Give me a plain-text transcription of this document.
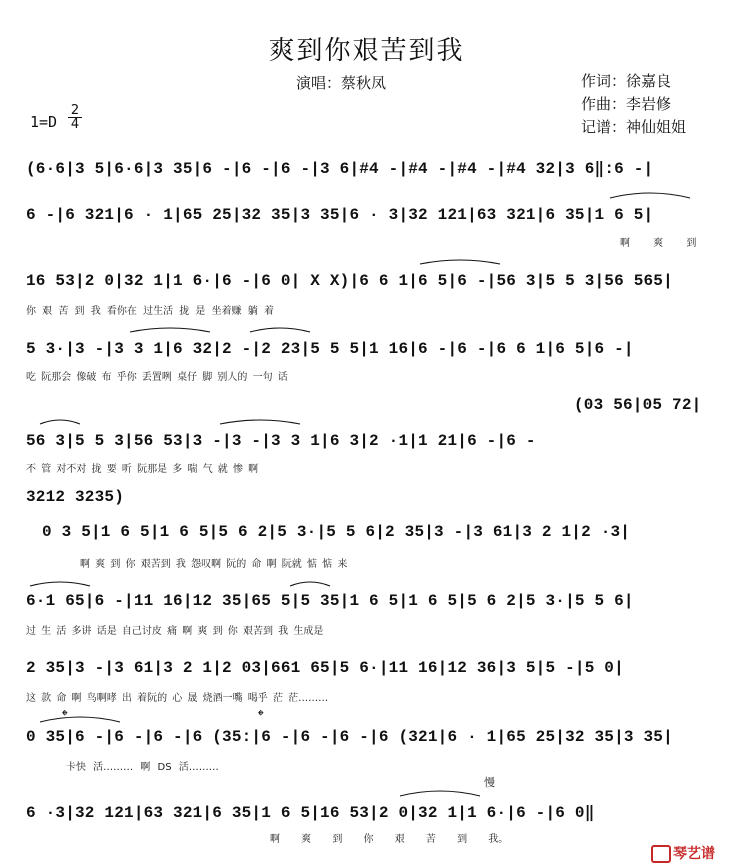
爽到你艰苦到我
演唱：蔡秋凤	作词：徐嘉良
作曲：李岩修
记谱：神仙姐姐
1=D
2
4
(6·6|3 5|6·6|3 35|6 -|6 -|6 -|3 6|#4 -|#4 -|#4 -|#4 32|3 6‖:6 -|
6 -|6 321|6 · 1|65 25|32 35|3 35|6 · 3|32 121|63 321|6 35|1 6 5|
啊 爽 到
16 53|2 0|32 1|1 6·|6 -|6 0| X X)|6 6 1|6 5|6 -|56 3|5 5 3|56 565|
你 艰 苦 到 我 看你在 过生活 拢 是 坐着赚 躺 着
5 3·|3 -|3 3 1|6 32|2 -|2 23|5 5 5|1 16|6 -|6 -|6 6 1|6 5|6 -|
吃 阮那会 像破 布 乎你 丢置咧 桌仔 脚 别人的 一句 话
(03 56|05 72|
56 3|5 5 3|56 53|3 -|3 -|3 3 1|6 3|2 ·1|1 21|6 -|6 -
不 管 对不对 拢 要 听 阮那是 多 喘 气 就 惨 啊
3212 3235)
0 3 5|1 6 5|1 6 5|5 6 2|5 3·|5 5 6|2 35|3 -|3 61|3 2 1|2 ·3|
啊 爽 到 你 艰苦到 我 怨叹啊 阮的 命 啊 阮就 惦 惦 来
6·1 65|6 -|11 16|12 35|65 5|5 35|1 6 5|1 6 5|5 6 2|5 3·|5 5 6|
过 生 活 多讲 话是 自己讨皮 痛 啊 爽 到 你 艰苦到 我 生成是
2 35|3 -|3 61|3 2 1|2 03|661 65|5 6·|11 16|12 36|3 5|5 -|5 0|
这 款 命 啊 鸟啊哮 出 着阮的 心 晟 烧酒一嘴 喝乎 茫 茫………
𝄌	𝄌
0 35|6 -|6 -|6 -|6 (35:|6 -|6 -|6 -|6 (321|6 · 1|65 25|32 35|3 35|
卡快 活……… 啊 DS 活………
慢
6 ·3|32 121|63 321|6 35|1 6 5|16 53|2 0|32 1|1 6·|6 -|6 0‖
啊 爽 到 你 艰 苦 到 我。
琴艺谱
